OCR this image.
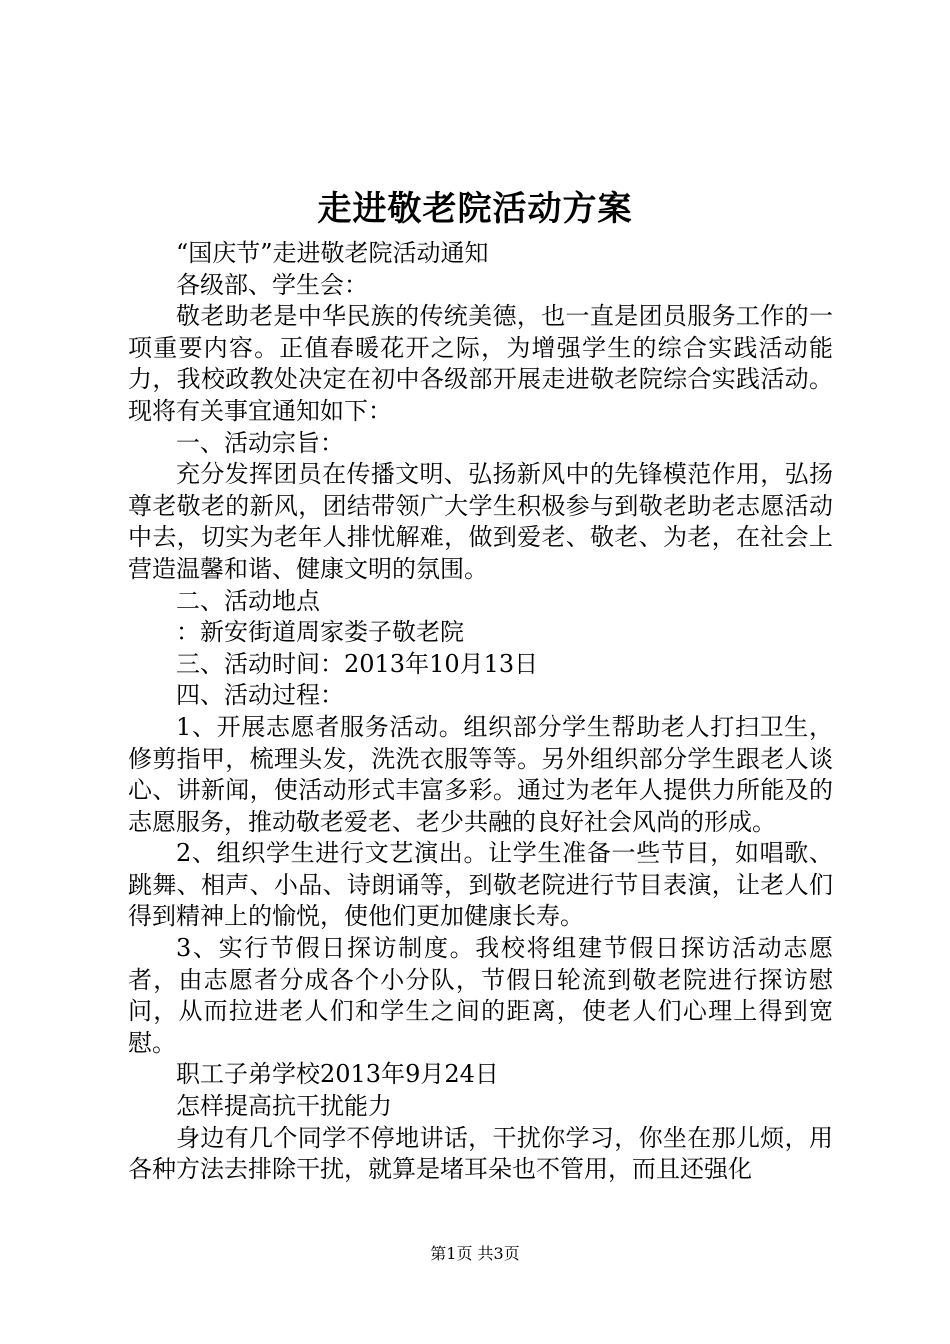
走进敬老院活动方案

“国庆节”走进敬老院活动通知

各级部、学生会：

敬老助老是中华民族的传统美德，也一直是团员服务工作的一项重要内容。正值春暖花开之际，为增强学生的综合实践活动能力，我校政教处决定在初中各级部开展走进敬老院综合实践活动。现将有关事宜通知如下：

一、活动宗旨：

充分发挥团员在传播文明、弘扬新风中的先锋模范作用，弘扬尊老敬老的新风，团结带领广大学生积极参与到敬老助老志愿活动中去，切实为老年人排忧解难，做到爱老、敬老、为老，在社会上营造温馨和谐、健康文明的氛围。

二、活动地点

：新安街道周家娄子敬老院

三、活动时间：2013年10月13日

四、活动过程：

1、开展志愿者服务活动。组织部分学生帮助老人打扫卫生，修剪指甲，梳理头发，洗洗衣服等等。另外组织部分学生跟老人谈心、讲新闻，使活动形式丰富多彩。通过为老年人提供力所能及的志愿服务，推动敬老爱老、老少共融的良好社会风尚的形成。

2、组织学生进行文艺演出。让学生准备一些节目，如唱歌、跳舞、相声、小品、诗朗诵等，到敬老院进行节目表演，让老人们得到精神上的愉悦，使他们更加健康长寿。

3、实行节假日探访制度。我校将组建节假日探访活动志愿者，由志愿者分成各个小分队，节假日轮流到敬老院进行探访慰问，从而拉进老人们和学生之间的距离，使老人们心理上得到宽慰。

职工子弟学校2013年9月24日

怎样提高抗干扰能力

身边有几个同学不停地讲话，干扰你学习，你坐在那儿烦，用各种方法去排除干扰，就算是堵耳朵也不管用，而且还强化

第1页 共3页
